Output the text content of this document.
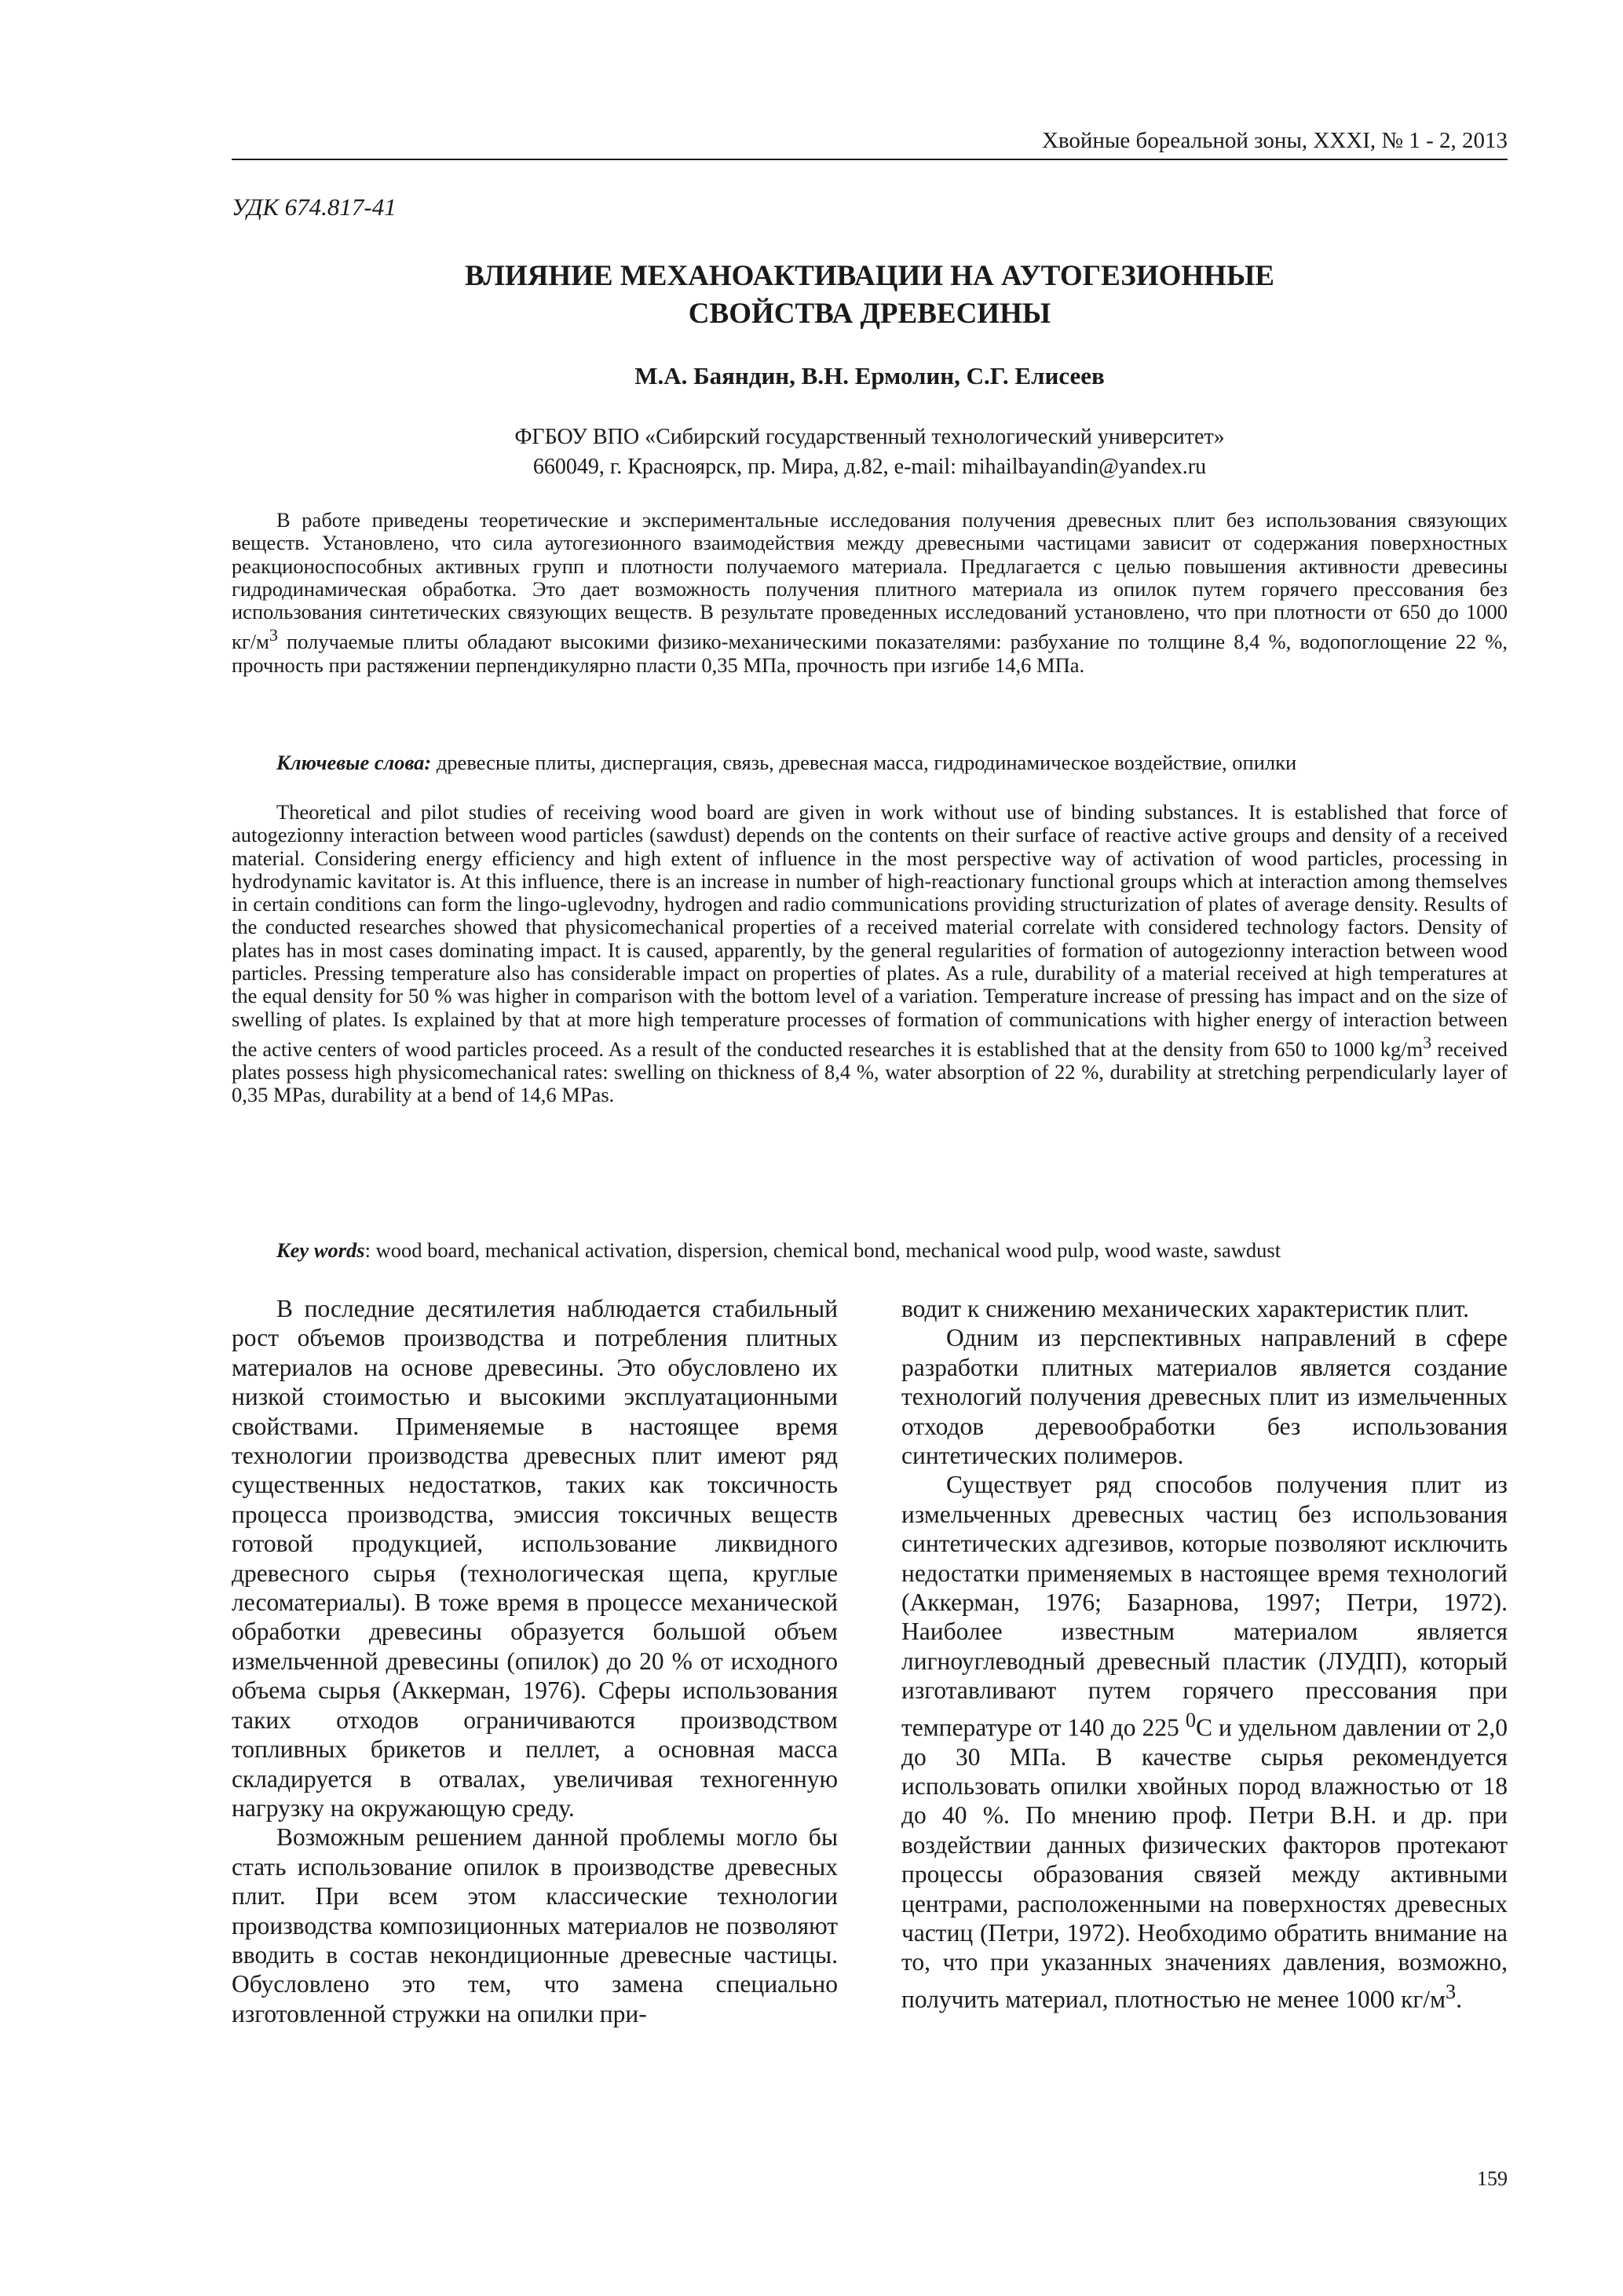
Хвойные бореальной зоны, XXXI, № 1 - 2, 2013
УДК 674.817-41
ВЛИЯНИЕ МЕХАНОАКТИВАЦИИ НА АУТОГЕЗИОННЫЕ
СВОЙСТВА ДРЕВЕСИНЫ
М.А. Баяндин, В.Н. Ермолин, С.Г. Елисеев
ФГБОУ ВПО «Сибирский государственный технологический университет»
660049, г. Красноярск, пр. Мира, д.82, e-mail: mihailbayandin@yandex.ru

В работе приведены теоретические и экспериментальные исследования получения древесных плит без использования связующих веществ. Установлено, что сила аутогезионного взаимодействия между древесными частицами зависит от содержания поверхностных реакционоспособных активных групп и плотности получаемого материала. Предлагается с целью повышения активности древесины гидродинамическая обработка. Это дает возможность получения плитного материала из опилок путем горячего прессования без использования синтетических связующих веществ. В результате проведенных исследований установлено, что при плотности от 650 до 1000 $кг/м^3$ получаемые плиты обладают высокими физико-механическими показателями: разбухание по толщине 8,4 %, водопоглощение 22 %, прочность при растяжении перпендикулярно пласти 0,35 МПа, прочность при изгибе 14,6 МПа.

Ключевые слова: древесные плиты, диспергация, связь, древесная масса, гидродинамическое воздействие, опилки

Theoretical and pilot studies of receiving wood board are given in work without use of binding substances. It is established that force of autogezionny interaction between wood particles (sawdust) depends on the contents on their surface of reactive active groups and density of a received material. Considering energy efficiency and high extent of influence in the most perspective way of activation of wood particles, processing in hydrodynamic kavitator is. At this influence, there is an increase in number of high-reactionary functional groups which at interaction among themselves in certain conditions can form the lingo-uglevodny, hydrogen and radio communications providing structurization of plates of average density. Results of the conducted researches showed that physicomechanical properties of a received material correlate with considered technology factors. Density of plates has in most cases dominating impact. It is caused, apparently, by the general regularities of formation of autogezionny interaction between wood particles. Pressing temperature also has considerable impact on properties of plates. As a rule, durability of a material received at high temperatures at the equal density for 50 % was higher in comparison with the bottom level of a variation. Temperature increase of pressing has impact and on the size of swelling of plates. Is explained by that at more high temperature processes of formation of communications with higher energy of interaction between the active centers of wood particles proceed. As a result of the conducted researches it is established that at the density from 650 to 1000 $kg/m^3$ received plates possess high physicomechanical rates: swelling on thickness of 8,4 %, water absorption of 22 %, durability at stretching perpendicularly layer of 0,35 MPas, durability at a bend of 14,6 MPas.

Key words: wood board, mechanical activation, dispersion, chemical bond, mechanical wood pulp, wood waste, sawdust

В последние десятилетия наблюдается стабильный рост объемов производства и потребления плитных материалов на основе древесины. Это обусловлено их низкой стоимостью и высокими эксплуатационными свойствами. Применяемые в настоящее время технологии производства древесных плит имеют ряд существенных недостатков, таких как токсичность процесса производства, эмиссия токсичных веществ готовой продукцией, использование ликвидного древесного сырья (технологическая щепа, круглые лесоматериалы). В тоже время в процессе механической обработки древесины образуется большой объем измельченной древесины (опилок) до 20 % от исходного объема сырья (Аккерман, 1976). Сферы использования таких отходов ограничиваются производством топливных брикетов и пеллет, а основная масса складируется в отвалах, увеличивая техногенную нагрузку на окружающую среду.

Возможным решением данной проблемы могло бы стать использование опилок в производстве древесных плит. При всем этом классические технологии производства композиционных материалов не позволяют вводить в состав некондиционные древесные частицы. Обусловлено это тем, что замена специально изготовленной стружки на опилки при-

водит к снижению механических характеристик плит.

Одним из перспективных направлений в сфере разработки плитных материалов является создание технологий получения древесных плит из измельченных отходов деревообработки без использования синтетических полимеров.

Существует ряд способов получения плит из измельченных древесных частиц без использования синтетических адгезивов, которые позволяют исключить недостатки применяемых в настоящее время технологий (Аккерман, 1976; Базарнова, 1997; Петри, 1972). Наиболее известным материалом является лигноуглеводный древесный пластик (ЛУДП), который изготавливают путем горячего прессования при температуре от 140 до 225 $^0$С и удельном давлении от 2,0 до 30 МПа. В качестве сырья рекомендуется использовать опилки хвойных пород влажностью от 18 до 40 %. По мнению проф. Петри В.Н. и др. при воздействии данных физических факторов протекают процессы образования связей между активными центрами, расположенными на поверхностях древесных частиц (Петри, 1972). Необходимо обратить внимание на то, что при указанных значениях давления, возможно, получить материал, плотностью не менее 1000 $кг/м^3$.

159
